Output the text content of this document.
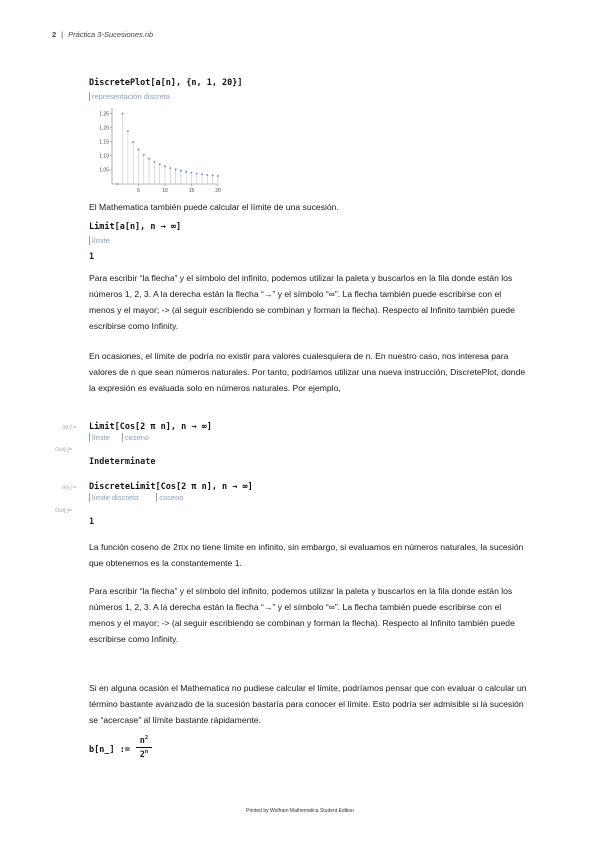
2 | Práctica 3-Sucesiones.nb
DiscretePlot[a[n], {n, 1, 20}]
representación discreta
5	10	15	20
1.05
1.10
1.15
1.20
1.25
El Mathematica también puede calcular el límite de una sucesión.
Limit[a[n], n → ∞]
límite
1
Para escribir “la flecha” y el símbolo del infinito, podemos utilizar la paleta y buscarlos en la fila donde están los números 1, 2, 3. A la derecha están la flecha “→” y el símbolo “∞”. La flecha también puede escribirse con el menos y el mayor; -> (al seguir escribiendo se combinan y forman la flecha). Respecto al Infinito también puede escribirse como Infinity.
En ocasiones, el límite de podría no existir para valores cualesquiera de n. En nuestro caso, nos interesa para valores de n que sean números naturales. Por tanto, podríamos utilizar una nueva instrucción, DiscretePlot, donde la expresión es evaluada solo en números naturales. Por ejemplo,
In[-]:= Limit[Cos[2 π n], n → ∞]
límite coseno
Out[-]=
Indeterminate
In[-]:= DiscreteLimit[Cos[2 π n], n → ∞]
límite discreto	coseno
Out[-]=
1
La función coseno de 2πx no tiene límite en infinito, sin embargo, si evaluamos en números naturales, la sucesión que obtenemos es la constantemente 1.
Para escribir “la flecha” y el símbolo del infinito, podemos utilizar la paleta y buscarlos en la fila donde están los números 1, 2, 3. A la derecha están la flecha “→” y el símbolo “∞”. La flecha también puede escribirse con el menos y el mayor; -> (al seguir escribiendo se combinan y forman la flecha). Respecto al Infinito también puede escribirse como Infinity.
Si en alguna ocasión el Mathematica no pudiese calcular el límite, podríamos pensar que con evaluar o calcular un término bastante avanzado de la sucesión bastaría para conocer el límite. Esto podría ser admisible si la sucesión se “acercase” al límite bastante rápidamente.
b[n_] := $\frac{n^2}{2^n}$
Printed by Wolfram Mathematica Student Edition
